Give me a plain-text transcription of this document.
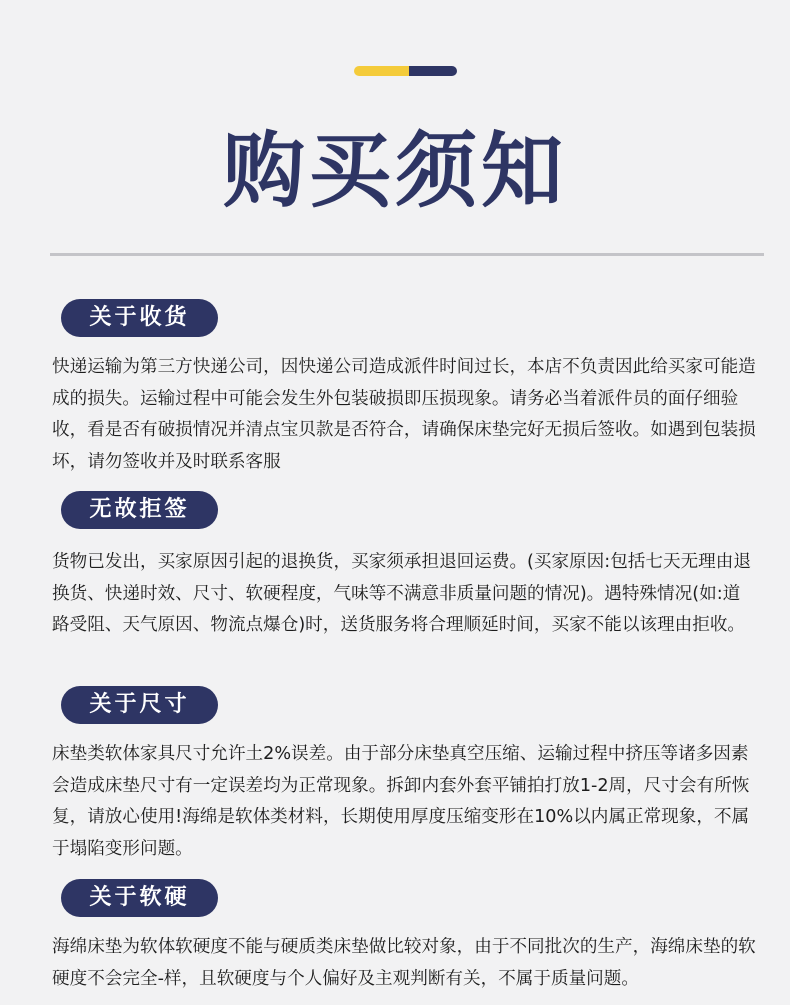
购买须知
关于收货

快递运输为第三方快递公司，因快递公司造成派件时间过长，本店不负责因此给买家可能造成的损失。运输过程中可能会发生外包装破损即压损现象。请务必当着派件员的面仔细验收，看是否有破损情况并清点宝贝款是否符合，请确保床垫完好无损后签收。如遇到包装损坏，请勿签收并及时联系客服

无故拒签

货物已发出，买家原因引起的退换货，买家须承担退回运费。(买家原因:包括七天无理由退换货、快递时效、尺寸、软硬程度，气味等不满意非质量问题的情况)。遇特殊情况(如:道路受阻、天气原因、物流点爆仓)时，送货服务将合理顺延时间，买家不能以该理由拒收。

关于尺寸

床垫类软体家具尺寸允许土2%误差。由于部分床垫真空压缩、运输过程中挤压等诸多因素会造成床垫尺寸有一定误差均为正常现象。拆卸内套外套平铺拍打放1-2周，尺寸会有所恢复，请放心使用!海绵是软体类材料，长期使用厚度压缩变形在10%以内属正常现象，不属于塌陷变形问题。

关于软硬

海绵床垫为软体软硬度不能与硬质类床垫做比较对象，由于不同批次的生产，海绵床垫的软硬度不会完全-样，且软硬度与个人偏好及主观判断有关，不属于质量问题。
